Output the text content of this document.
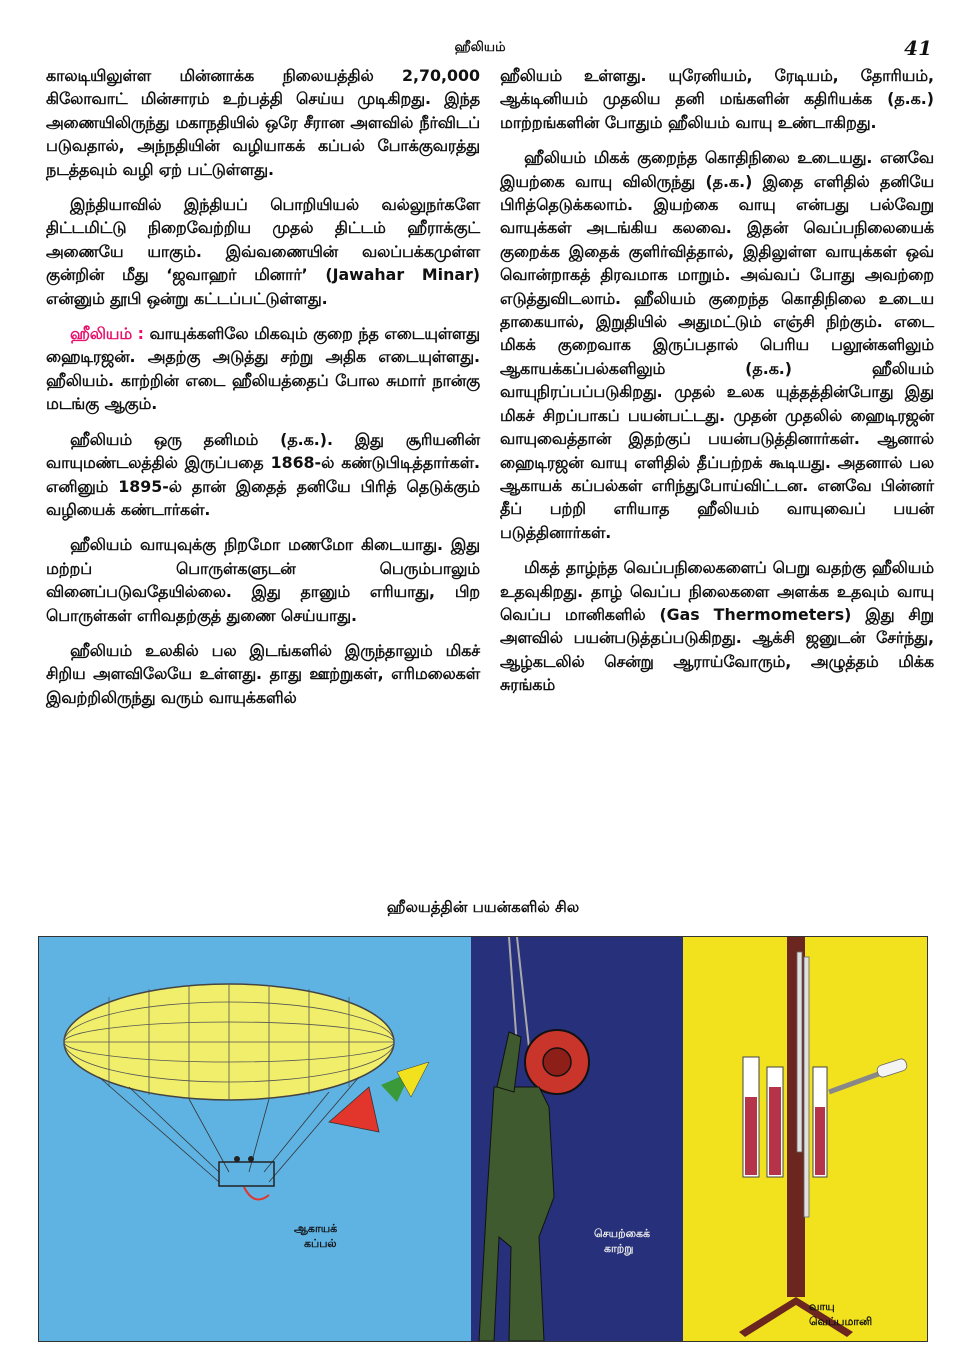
ஹீலியம்	41

காலடியிலுள்ள மின்னாக்க நிலையத்தில் 2,70,000 கிலோவாட் மின்சாரம் உற்பத்தி செய்ய முடிகிறது. இந்த அணையிலிருந்து மகாநதியில் ஒரே சீரான அளவில் நீர்விடப் படுவதால், அந்நதியின் வழியாகக் கப்பல் போக்குவரத்து நடத்தவும் வழி ஏற் பட்டுள்ளது.

இந்தியாவில் இந்தியப் பொறியியல் வல்லுநர்களே திட்டமிட்டு நிறைவேற்றிய முதல் திட்டம் ஹீராக்குட் அணையே யாகும். இவ்வணையின் வலப்பக்கமுள்ள குன்றின் மீது ‘ஜவாஹர் மினார்’ (Jawahar Minar) என்னும் தூபி ஒன்று கட்டப்பட்டுள்ளது.

ஹீலியம் : வாயுக்களிலே மிகவும் குறை ந்த எடையுள்ளது ஹைடிரஜன். அதற்கு அடுத்து சற்று அதிக எடையுள்ளது. ஹீலியம். காற்றின் எடை ஹீலியத்தைப் போல சுமார் நான்கு மடங்கு ஆகும்.

ஹீலியம் ஒரு தனிமம் (த.க.). இது சூரியனின் வாயுமண்டலத்தில் இருப்பதை 1868-ல் கண்டுபிடித்தார்கள். எனினும் 1895-ல் தான் இதைத் தனியே பிரித் தெடுக்கும் வழியைக் கண்டார்கள்.

ஹீலியம் வாயுவுக்கு நிறமோ மணமோ கிடையாது. இது மற்றப் பொருள்களுடன் பெரும்பாலும் வினைப்படுவதேயில்லை. இது தானும் எரியாது, பிற பொருள்கள் எரிவதற்குத் துணை செய்யாது.

ஹீலியம் உலகில் பல இடங்களில் இருந்தாலும் மிகச் சிறிய அளவிலேயே உள்ளது. தாது ஊற்றுகள், எரிமலைகள் இவற்றிலிருந்து வரும் வாயுக்களில்

ஹீலியம் உள்ளது. யுரேனியம், ரேடியம், தோரியம், ஆக்டினியம் முதலிய தனி மங்களின் கதிரியக்க (த.க.) மாற்றங்களின் போதும் ஹீலியம் வாயு உண்டாகிறது.

ஹீலியம் மிகக் குறைந்த கொதிநிலை உடையது. எனவே இயற்கை வாயு விலிருந்து (த.க.) இதை எளிதில் தனியே பிரித்தெடுக்கலாம். இயற்கை வாயு என்பது பல்வேறு வாயுக்கள் அடங்கிய கலவை. இதன் வெப்பநிலையைக் குறைக்க இதைக் குளிர்வித்தால், இதிலுள்ள வாயுக்கள் ஒவ் வொன்றாகத் திரவமாக மாறும். அவ்வப் போது அவற்றை எடுத்துவிடலாம். ஹீலியம் குறைந்த கொதிநிலை உடைய தாகையால், இறுதியில் அதுமட்டும் எஞ்சி நிற்கும். எடை மிகக் குறைவாக இருப்பதால் பெரிய பலூன்களிலும் ஆகாயக்கப்பல்களிலும் (த.க.) ஹீலியம் வாயுநிரப்பப்படுகிறது. முதல் உலக யுத்தத்தின்போது இது மிகச் சிறப்பாகப் பயன்பட்டது. முதன் முதலில் ஹைடிரஜன் வாயுவைத்தான் இதற்குப் பயன்படுத்தினார்கள். ஆனால் ஹைடிரஜன் வாயு எளிதில் தீப்பற்றக் கூடியது. அதனால் பல ஆகாயக் கப்பல்கள் எரிந்துபோய்விட்டன. எனவே பின்னர் தீப் பற்றி எரியாத ஹீலியம் வாயுவைப் பயன் படுத்தினார்கள்.

மிகத் தாழ்ந்த வெப்பநிலைகளைப் பெறு வதற்கு ஹீலியம் உதவுகிறது. தாழ் வெப்ப நிலைகளை அளக்க உதவும் வாயு வெப்ப மானிகளில் (Gas Thermometers) இது சிறு அளவில் பயன்படுத்தப்படுகிறது. ஆக்சி ஜனுடன் சேர்ந்து, ஆழ்கடலில் சென்று ஆராய்வோரும், அழுத்தம் மிக்க சுரங்கம்

ஹீலயத்தின் பயன்களில் சில
ஆகாயக்
கப்பல்
செயற்கைக்
காற்று
வாயு
வெப்பமானி
